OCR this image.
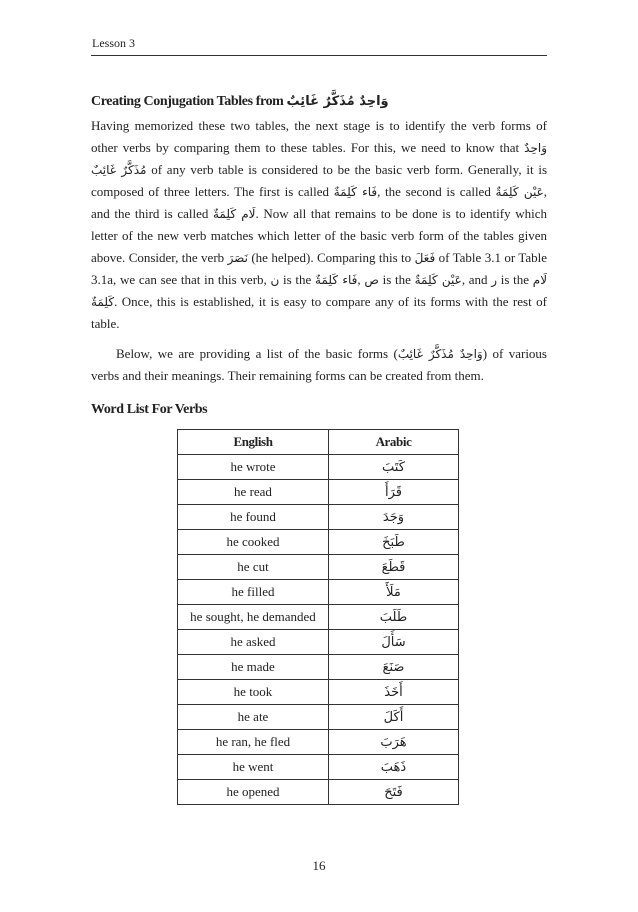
Lesson 3
Creating Conjugation Tables from وَاحِدٌ مُذَكَّرٌ غَائِبٌ
Having memorized these two tables, the next stage is to identify the verb forms of other verbs by comparing them to these tables. For this, we need to know that وَاحِدٌ مُذَكَّرٌ غَائِبٌ of any verb table is considered to be the basic verb form. Generally, it is composed of three letters. The first is called فَاء كَلِمَةٌ, the second is called عَيْن كَلِمَةٌ, and the third is called لَام كَلِمَةٌ. Now all that remains to be done is to identify which letter of the new verb matches which letter of the basic verb form of the tables given above. Consider, the verb نَصَرَ (he helped). Comparing this to فَعَلَ of Table 3.1 or Table 3.1a, we can see that in this verb, ن is the فَاء كَلِمَةٌ, ص is the عَيْن كَلِمَةٌ, and ر is the لَام كَلِمَةٌ. Once, this is established, it is easy to compare any of its forms with the rest of table.
Below, we are providing a list of the basic forms (وَاحِدٌ مُذَكَّرٌ غَائِبٌ) of various verbs and their meanings. Their remaining forms can be created from them.
Word List For Verbs
English	Arabic
he wrote	كَتَبَ
he read	قَرَأَ
he found	وَجَدَ
he cooked	طَبَخَ
he cut	قَطَعَ
he filled	مَلَأَ
he sought, he demanded	طَلَبَ
he asked	سَأَلَ
he made	صَنَعَ
he took	أَخَذَ
he ate	أَكَلَ
he ran, he fled	هَرَبَ
he went	ذَهَبَ
he opened	فَتَحَ
16
